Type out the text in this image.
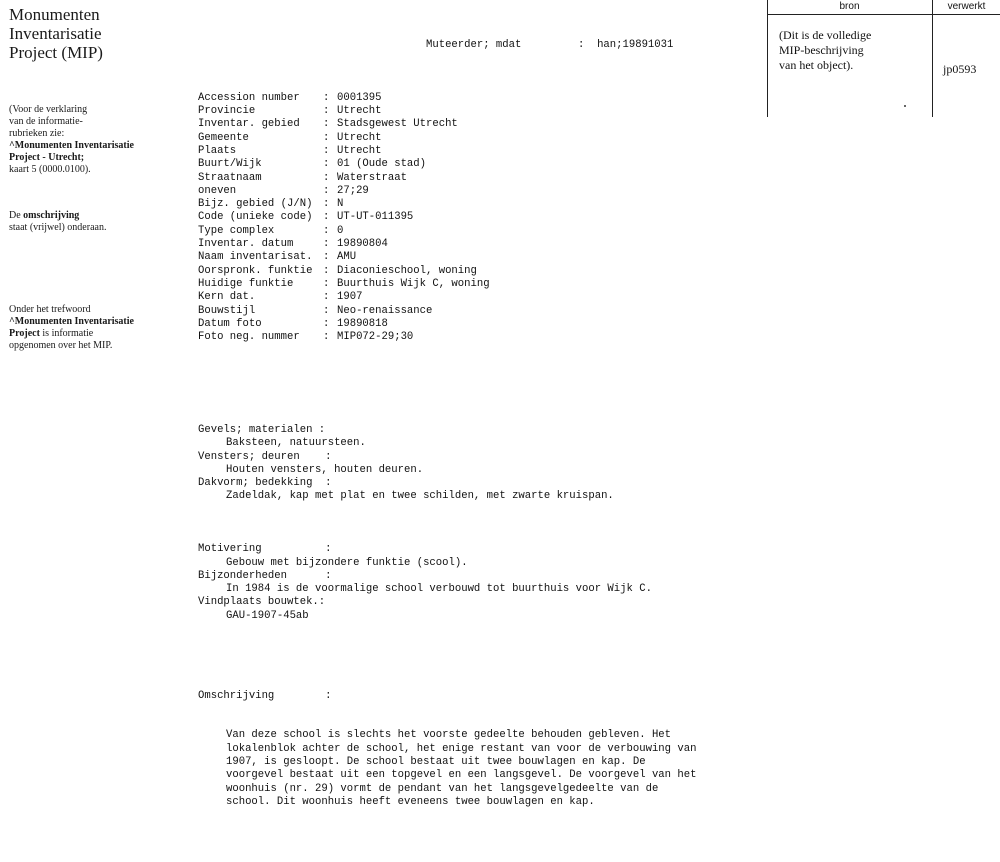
Monumenten
Inventarisatie
Project (MIP)
(Voor de verklaring
van de informatie-
rubrieken zie:
^Monumenten Inventarisatie
Project - Utrecht;
kaart 5 (0000.0100).
De omschrijving
staat (vrijwel) onderaan.
Onder het trefwoord
^Monumenten Inventarisatie
Project is informatie
opgenomen over het MIP.

Muteerder; mdat

	:  han;19891031

Accession number	: 0001395
Provincie	: Utrecht
Inventar. gebied	: Stadsgewest Utrecht
Gemeente	: Utrecht
Plaats	: Utrecht
Buurt/Wijk	: 01 (Oude stad)
Straatnaam	: Waterstraat
oneven	: 27;29
Bijz. gebied (J/N) : N
Code (unieke code) : UT-UT-011395
Type complex	: 0
Inventar. datum	: 19890804
Naam inventarisat. : AMU
Oorspronk. funktie : Diaconieschool, woning
Huidige funktie	: Buurthuis Wijk C, woning
Kern dat.	: 1907
Bouwstijl	: Neo-renaissance
Datum foto	: 19890818
Foto neg. nummer	: MIP072-29;30

Gevels; materialen :
Baksteen, natuursteen.
Vensters; deuren    :
Houten vensters, houten deuren.
Dakvorm; bedekking  :
Zadeldak, kap met plat en twee schilden, met zwarte kruispan.

Motivering          :
Gebouw met bijzondere funktie (scool).
Bijzonderheden      :
In 1984 is de voormalige school verbouwd tot buurthuis voor Wijk C.
Vindplaats bouwtek.:
GAU-1907-45ab

Omschrijving        :

Van deze school is slechts het voorste gedeelte behouden gebleven. Het
lokalenblok achter de school, het enige restant van voor de verbouwing van
1907, is gesloopt. De school bestaat uit twee bouwlagen en kap. De
voorgevel bestaat uit een topgevel en een langsgevel. De voorgevel van het
woonhuis (nr. 29) vormt de pendant van het langsgevelgedeelte van de
school. Dit woonhuis heeft eveneens twee bouwlagen en kap.

bron	verwerkt
(Dit is de volledige
MIP-beschrijving
van het object).	jp0593
